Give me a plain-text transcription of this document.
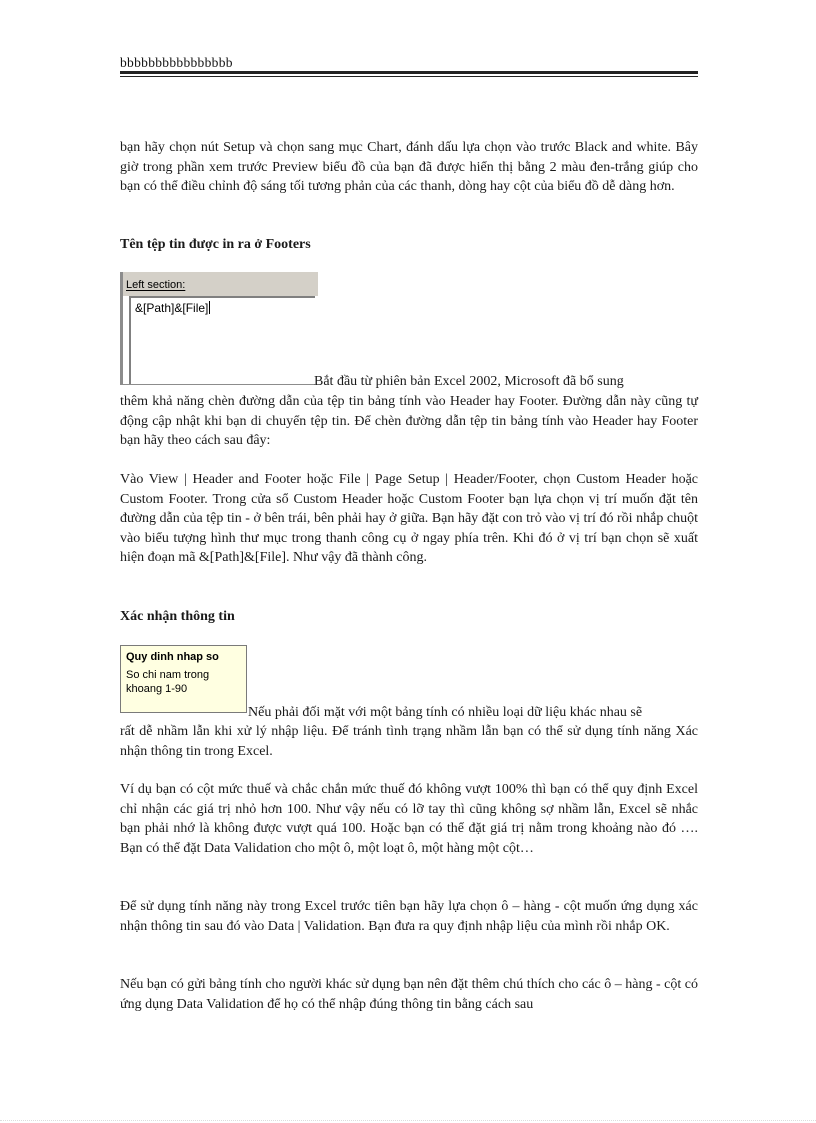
bbbbbbbbbbbbbbbb

bạn hãy chọn nút Setup và chọn sang mục Chart, đánh dấu lựa chọn vào trước Black and white. Bây giờ trong phần xem trước Preview biểu đồ của bạn đã được hiển thị bằng 2 màu đen-trắng giúp cho bạn có thể điều chỉnh độ sáng tối tương phản của các thanh, dòng hay cột của biểu đồ dễ dàng hơn.

Tên tệp tin được in ra ở Footers

Left section:
&[Path]&[File]

Bắt đầu từ phiên bản Excel 2002, Microsoft đã bổ sung

thêm khả năng chèn đường dẫn của tệp tin bảng tính vào Header hay Footer. Đường dẫn này cũng tự động cập nhật khi bạn di chuyển tệp tin. Để chèn đường dẫn tệp tin bảng tính vào Header hay Footer bạn hãy theo cách sau đây:

Vào View | Header and Footer hoặc File | Page Setup | Header/Footer, chọn Custom Header hoặc Custom Footer. Trong cửa sổ Custom Header hoặc Custom Footer bạn lựa chọn vị trí muốn đặt tên đường dẫn của tệp tin - ở bên trái, bên phải hay ở giữa. Bạn hãy đặt con trỏ vào vị trí đó rồi nhắp chuột vào biểu tượng hình thư mục trong thanh công cụ ở ngay phía trên. Khi đó ở vị trí bạn chọn sẽ xuất hiện đoạn mã &[Path]&[File]. Như vậy đã thành công.

Xác nhận thông tin

Quy dinh nhap so
So chi nam trong khoang 1-90

Nếu phải đối mặt với một bảng tính có nhiều loại dữ liệu khác nhau sẽ

rất dễ nhầm lẫn khi xử lý nhập liệu. Để tránh tình trạng nhầm lẫn bạn có thể sử dụng tính năng Xác nhận thông tin trong Excel.

Ví dụ bạn có cột mức thuế và chắc chắn mức thuế đó không vượt 100% thì bạn có thể quy định Excel chỉ nhận các giá trị nhỏ hơn 100. Như vậy nếu có lỡ tay thì cũng không sợ nhầm lẫn, Excel sẽ nhắc bạn phải nhớ là không được vượt quá 100. Hoặc bạn có thể đặt giá trị nằm trong khoảng nào đó …. Bạn có thể đặt Data Validation cho một ô, một loạt ô, một hàng một cột…

Để sử dụng tính năng này trong Excel trước tiên bạn hãy lựa chọn ô – hàng - cột muốn ứng dụng xác nhận thông tin sau đó vào Data | Validation. Bạn đưa ra quy định nhập liệu của mình rồi nhắp OK.

Nếu bạn có gửi bảng tính cho người khác sử dụng bạn nên đặt thêm chú thích cho các ô – hàng - cột có ứng dụng Data Validation để họ có thể nhập đúng thông tin bằng cách sau
